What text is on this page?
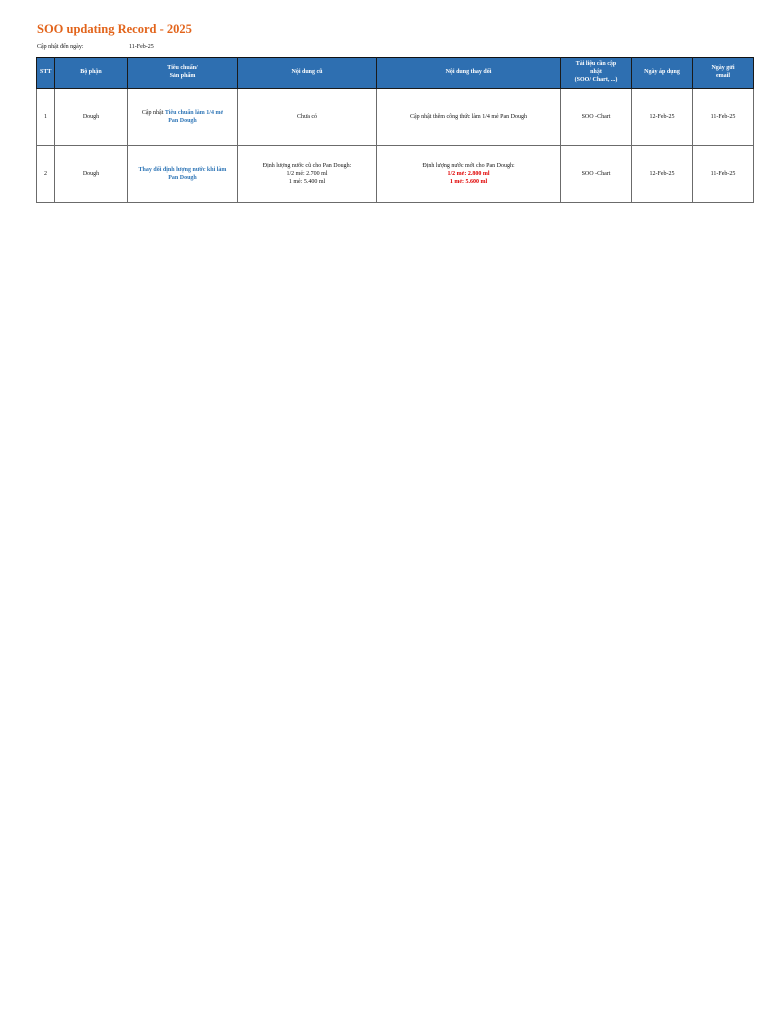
SOO updating Record - 2025
Cập nhật đến ngày:	11-Feb-25
STT	Bộ phận	Tiêu chuẩn/
Sản phẩm	Nội dung cũ	Nội dung thay đổi	Tài liệu cần cập
nhật
(SOO/ Chart, ...)	Ngày áp dụng	Ngày gửi
email

1	Dough	Cập nhật Tiêu chuẩn làm 1/4 mẻ
Pan Dough	Chưa có	Cập nhật thêm công thức làm 1/4 mẻ Pan Dough	SOO -Chart	12-Feb-25	11-Feb-25
2	Dough	Thay đổi định lượng nước khi làm
Pan Dough	Định lượng nước cũ cho Pan Dough:
1/2 mẻ: 2.700 ml
1 mẻ: 5.400 ml	Định lượng nước mới cho Pan Dough:
1/2 mẻ: 2.800 ml
1 mẻ: 5.600 ml	SOO -Chart	12-Feb-25	11-Feb-25
